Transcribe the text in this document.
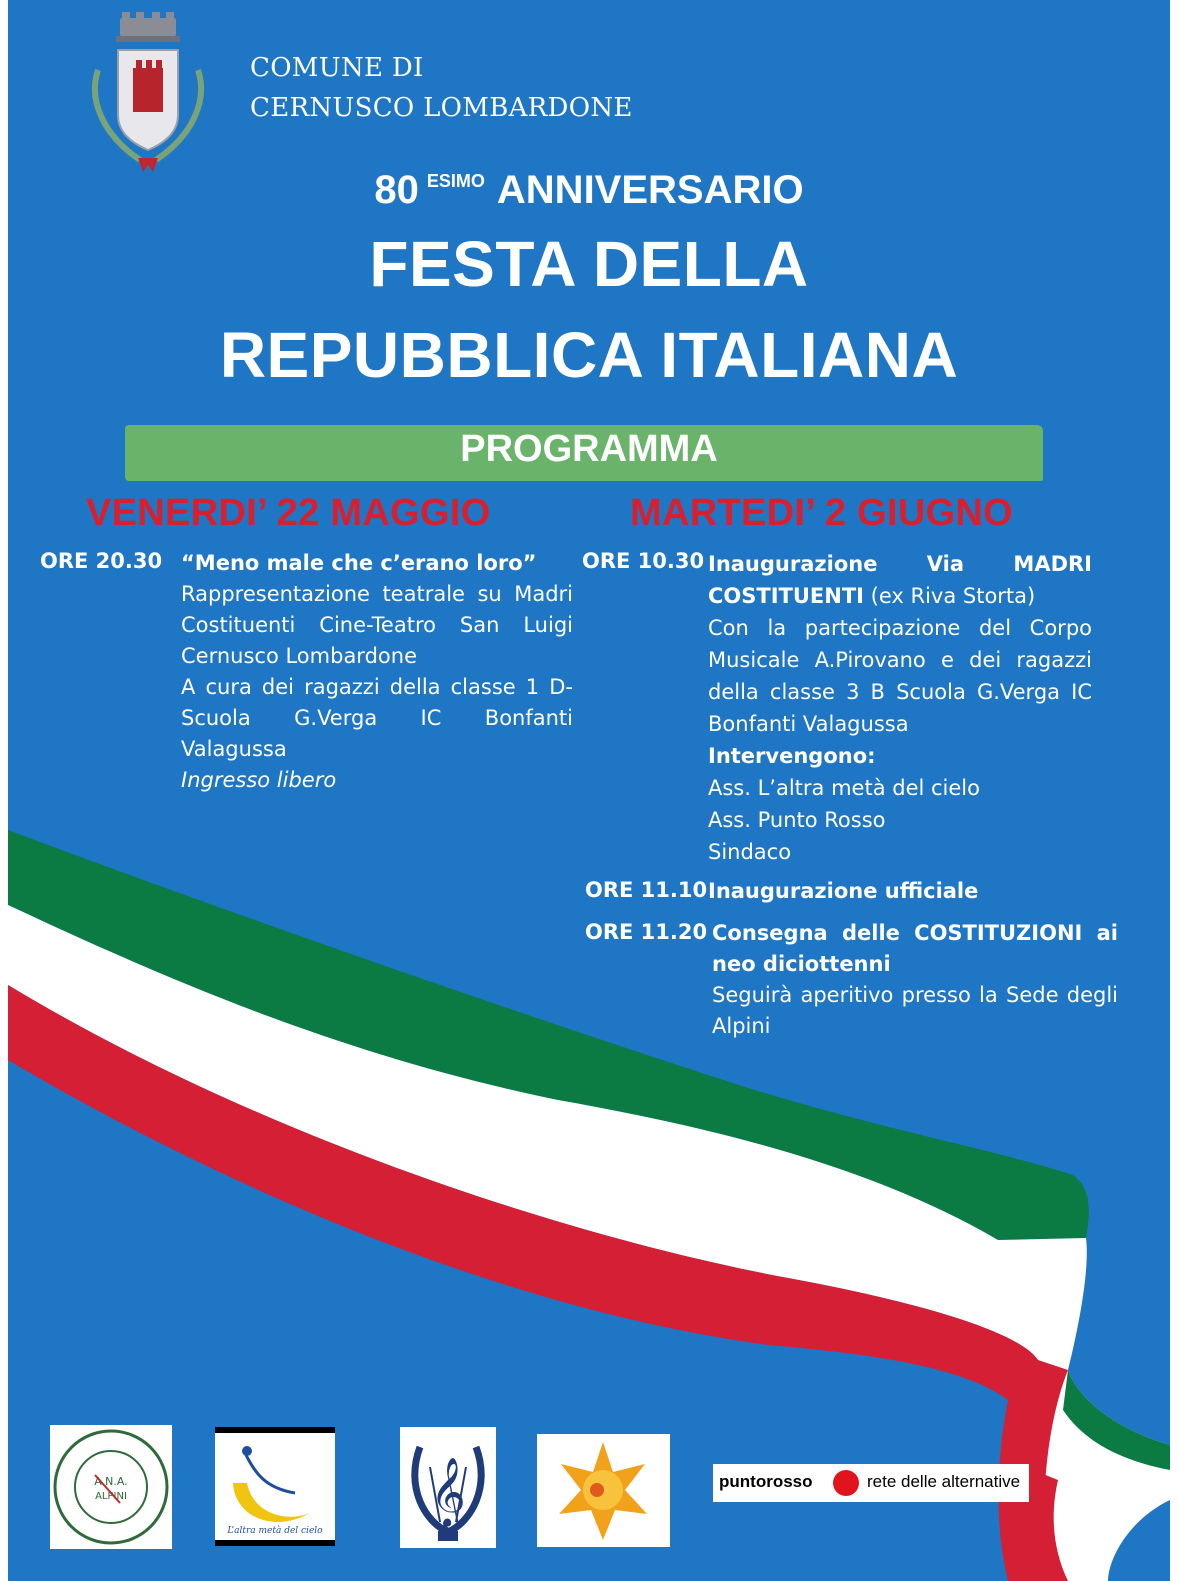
COMUNE DI
CERNUSCO LOMBARDONE
80 ESIMO ANNIVERSARIO
FESTA DELLA
REPUBBLICA ITALIANA
PROGRAMMA
VENERDI’ 22 MAGGIO	MARTEDI’ 2 GIUGNO
ORE 20.30 “Meno male che c’erano loro”
Rappresentazione teatrale su Madri Costituenti Cine-Teatro San Luigi Cernusco Lombardone
A cura dei ragazzi della classe 1 D- Scuola G.Verga IC Bonfanti Valagussa
Ingresso libero
ORE 10.30 Inaugurazione Via MADRI COSTITUENTI (ex Riva Storta)
Con la partecipazione del Corpo Musicale A.Pirovano e dei ragazzi della classe 3 B Scuola G.Verga IC Bonfanti Valagussa
Intervengono:
Ass. L’altra metà del cielo
Ass. Punto Rosso
Sindaco
ORE 11.10 Inaugurazione ufficiale
ORE 11.20 Consegna delle COSTITUZIONI ai neo diciottenni
Seguirà aperitivo presso la Sede degli Alpini
A.N.A.
ALPINI
L’altra metà del cielo
𝄞	puntorosso	rete delle alternative
